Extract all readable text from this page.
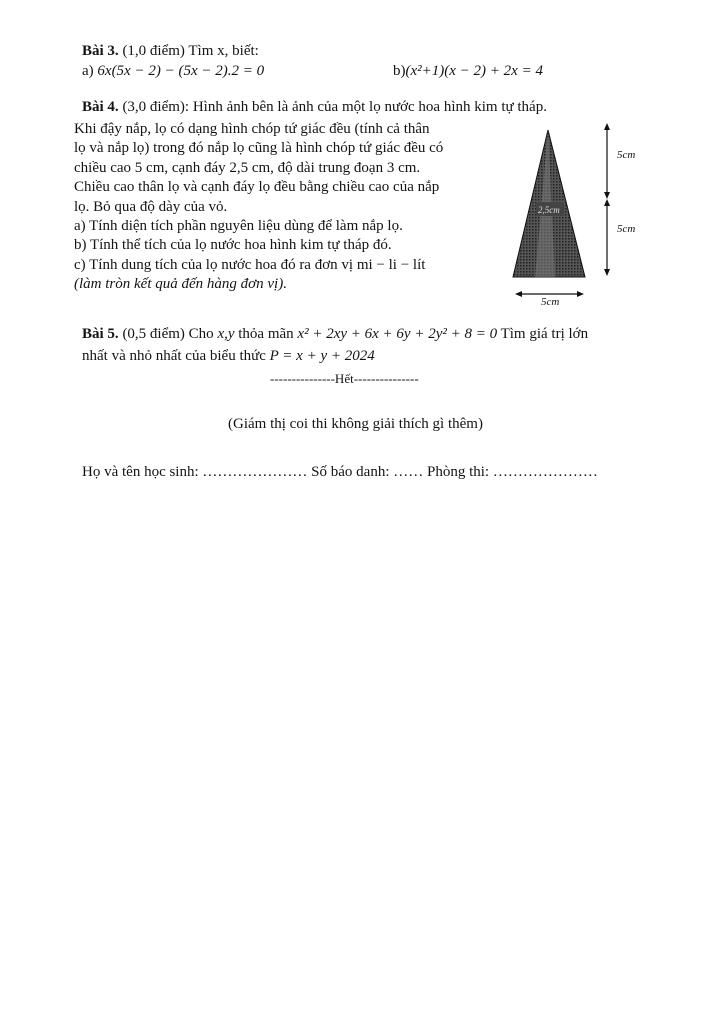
Bài 3. (1,0 điểm) Tìm x, biết:
a) 6x(5x − 2) − (5x − 2).2 = 0	b)(x²+1)(x − 2) + 2x = 4
Bài 4. (3,0 điểm): Hình ảnh bên là ảnh của một lọ nước hoa hình kim tự tháp.
Khi đậy nắp, lọ có dạng hình chóp tứ giác đều (tính cả thân
lọ và nắp lọ) trong đó nắp lọ cũng là hình chóp tứ giác đều có
chiều cao 5 cm, cạnh đáy 2,5 cm, độ dài trung đoạn 3 cm.
Chiều cao thân lọ và cạnh đáy lọ đều bằng chiều cao của nắp
lọ. Bỏ qua độ dày của vỏ.
a) Tính diện tích phần nguyên liệu dùng để làm nắp lọ.
b) Tính thể tích của lọ nước hoa hình kim tự tháp đó.
c) Tính dung tích của lọ nước hoa đó ra đơn vị mi − li − lít
(làm tròn kết quả đến hàng đơn vị).
2,5cm
5cm
5cm
5cm
Bài 5. (0,5 điểm) Cho x,y thỏa mãn x² + 2xy + 6x + 6y + 2y² + 8 = 0 Tìm giá trị lớn
nhất và nhỏ nhất của biểu thức P = x + y + 2024
---------------Hết---------------
(Giám thị coi thi không giải thích gì thêm)
Họ và tên học sinh: ………………… Số báo danh: …… Phòng thi: …………………
